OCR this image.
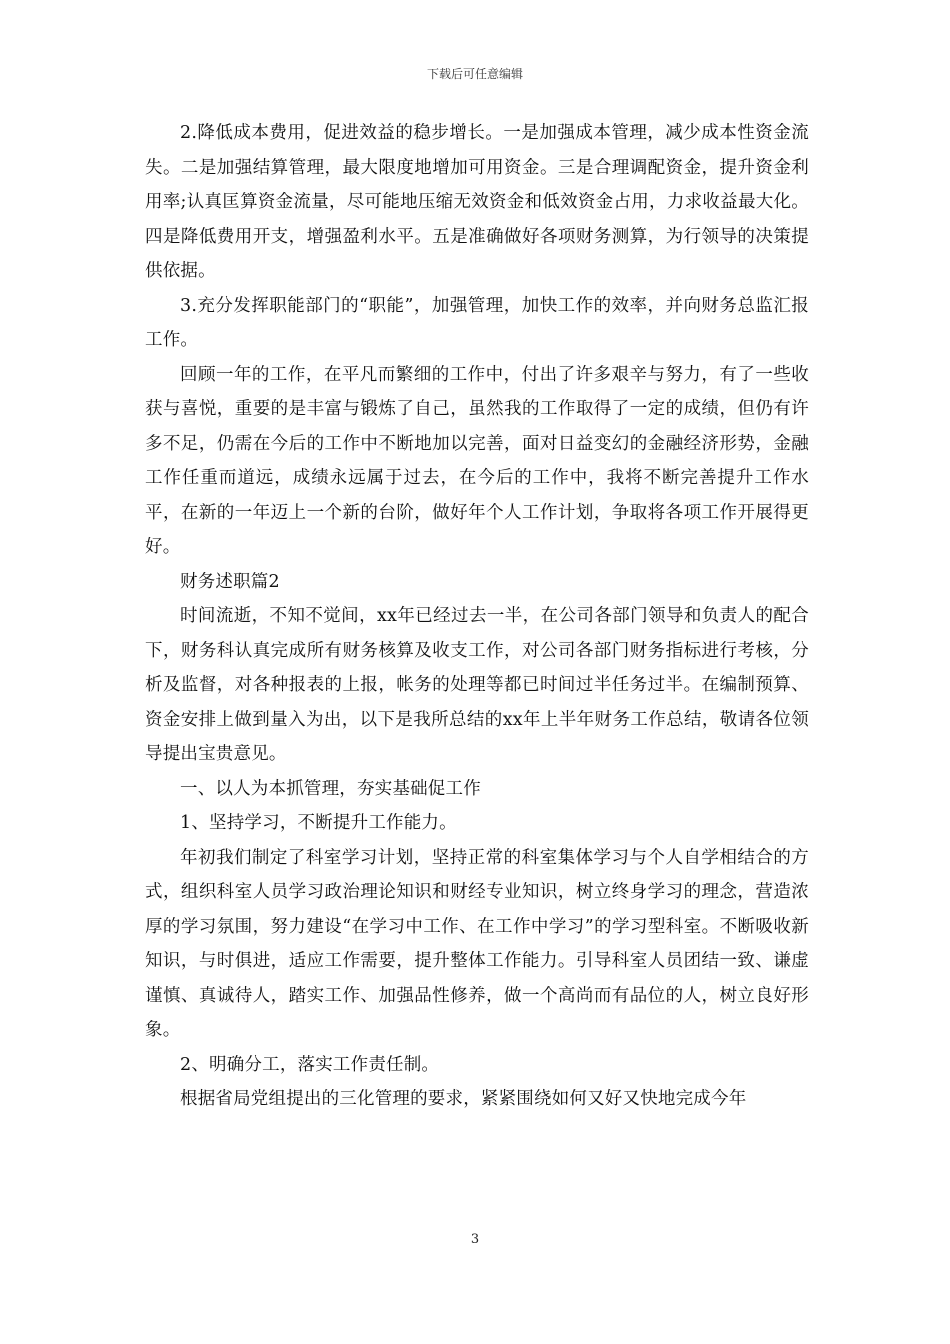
下载后可任意编辑

2.降低成本费用，促进效益的稳步增长。一是加强成本管理，减少成本性资金流失。二是加强结算管理，最大限度地增加可用资金。三是合理调配资金，提升资金利用率;认真匡算资金流量，尽可能地压缩无效资金和低效资金占用，力求收益最大化。四是降低费用开支，增强盈利水平。五是准确做好各项财务测算，为行领导的决策提供依据。

3.充分发挥职能部门的“职能”，加强管理，加快工作的效率，并向财务总监汇报工作。

回顾一年的工作，在平凡而繁细的工作中，付出了许多艰辛与努力，有了一些收获与喜悦，重要的是丰富与锻炼了自己，虽然我的工作取得了一定的成绩，但仍有许多不足，仍需在今后的工作中不断地加以完善，面对日益变幻的金融经济形势，金融工作任重而道远，成绩永远属于过去，在今后的工作中，我将不断完善提升工作水平，在新的一年迈上一个新的台阶，做好年个人工作计划，争取将各项工作开展得更好。

财务述职篇2

时间流逝，不知不觉间，xx年已经过去一半，在公司各部门领导和负责人的配合下，财务科认真完成所有财务核算及收支工作，对公司各部门财务指标进行考核，分析及监督，对各种报表的上报，帐务的处理等都已时间过半任务过半。在编制预算、资金安排上做到量入为出，以下是我所总结的xx年上半年财务工作总结，敬请各位领导提出宝贵意见。

一、以人为本抓管理，夯实基础促工作

1、坚持学习，不断提升工作能力。

年初我们制定了科室学习计划，坚持正常的科室集体学习与个人自学相结合的方式，组织科室人员学习政治理论知识和财经专业知识，树立终身学习的理念，营造浓厚的学习氛围，努力建设“在学习中工作、在工作中学习”的学习型科室。不断吸收新知识，与时俱进，适应工作需要，提升整体工作能力。引导科室人员团结一致、谦虚谨慎、真诚待人，踏实工作、加强品性修养，做一个高尚而有品位的人，树立良好形象。

2、明确分工，落实工作责任制。

根据省局党组提出的三化管理的要求，紧紧围绕如何又好又快地完成今年

3
